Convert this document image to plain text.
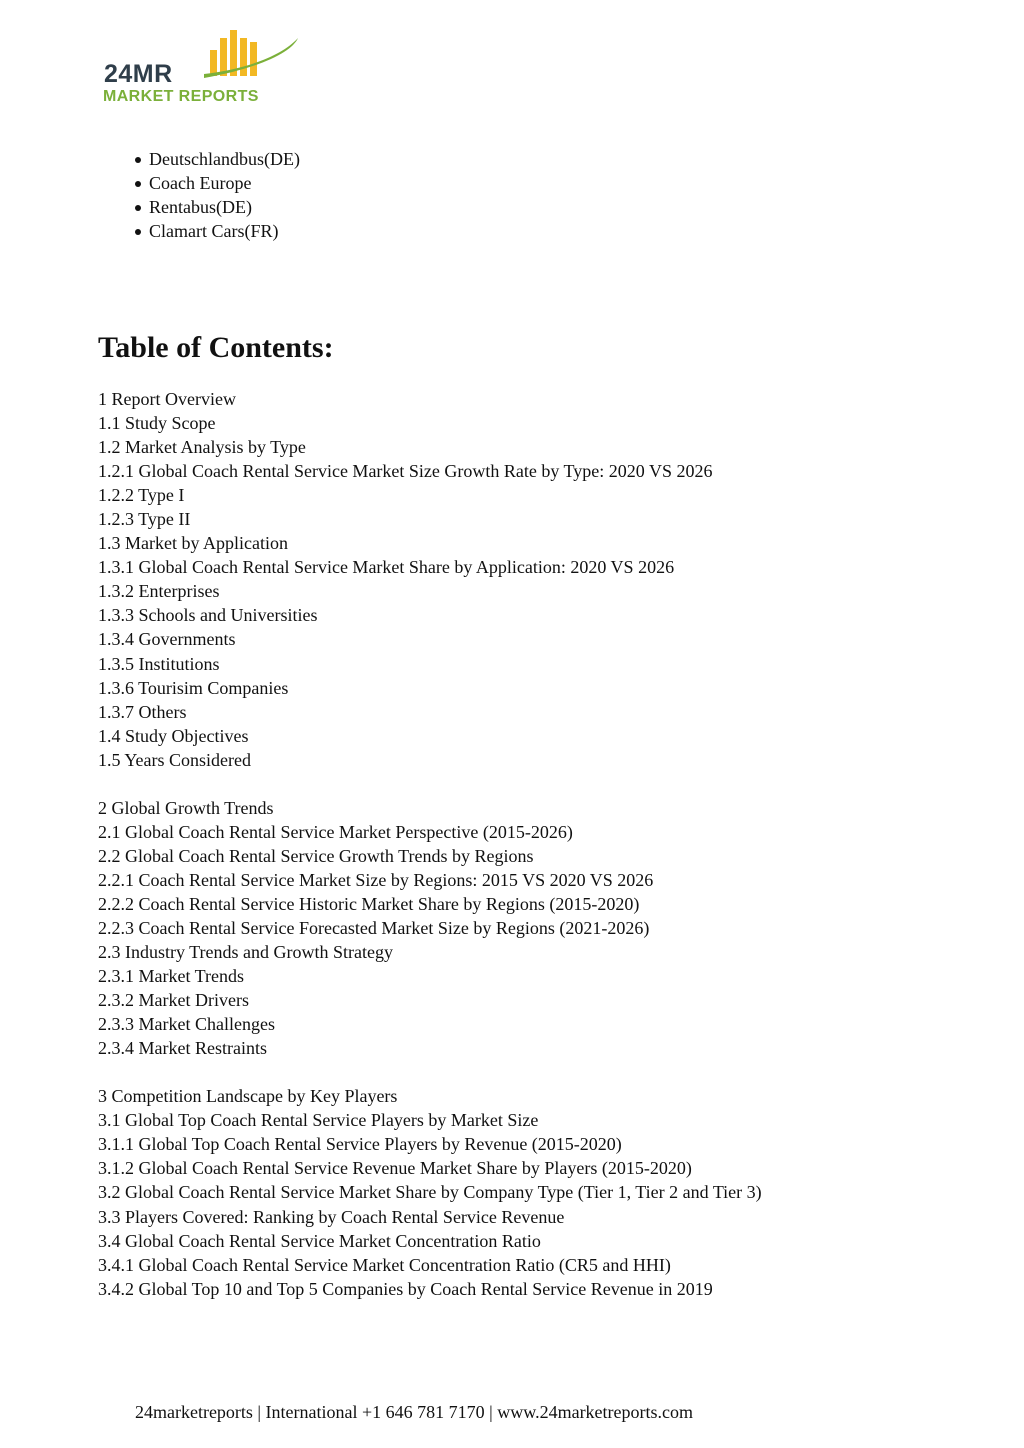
24MR
MARKET REPORTS
Deutschlandbus(DE)
Coach Europe
Rentabus(DE)
Clamart Cars(FR)
Table of Contents:
1 Report Overview
1.1 Study Scope
1.2 Market Analysis by Type
1.2.1 Global Coach Rental Service Market Size Growth Rate by Type: 2020 VS 2026
1.2.2 Type I
1.2.3 Type II
1.3 Market by Application
1.3.1 Global Coach Rental Service Market Share by Application: 2020 VS 2026
1.3.2 Enterprises
1.3.3 Schools and Universities
1.3.4 Governments
1.3.5 Institutions
1.3.6 Tourisim Companies
1.3.7 Others
1.4 Study Objectives
1.5 Years Considered
2 Global Growth Trends
2.1 Global Coach Rental Service Market Perspective (2015-2026)
2.2 Global Coach Rental Service Growth Trends by Regions
2.2.1 Coach Rental Service Market Size by Regions: 2015 VS 2020 VS 2026
2.2.2 Coach Rental Service Historic Market Share by Regions (2015-2020)
2.2.3 Coach Rental Service Forecasted Market Size by Regions (2021-2026)
2.3 Industry Trends and Growth Strategy
2.3.1 Market Trends
2.3.2 Market Drivers
2.3.3 Market Challenges
2.3.4 Market Restraints
3 Competition Landscape by Key Players
3.1 Global Top Coach Rental Service Players by Market Size
3.1.1 Global Top Coach Rental Service Players by Revenue (2015-2020)
3.1.2 Global Coach Rental Service Revenue Market Share by Players (2015-2020)
3.2 Global Coach Rental Service Market Share by Company Type (Tier 1, Tier 2 and Tier 3)
3.3 Players Covered: Ranking by Coach Rental Service Revenue
3.4 Global Coach Rental Service Market Concentration Ratio
3.4.1 Global Coach Rental Service Market Concentration Ratio (CR5 and HHI)
3.4.2 Global Top 10 and Top 5 Companies by Coach Rental Service Revenue in 2019
24marketreports | International +1 646 781 7170 | www.24marketreports.com
